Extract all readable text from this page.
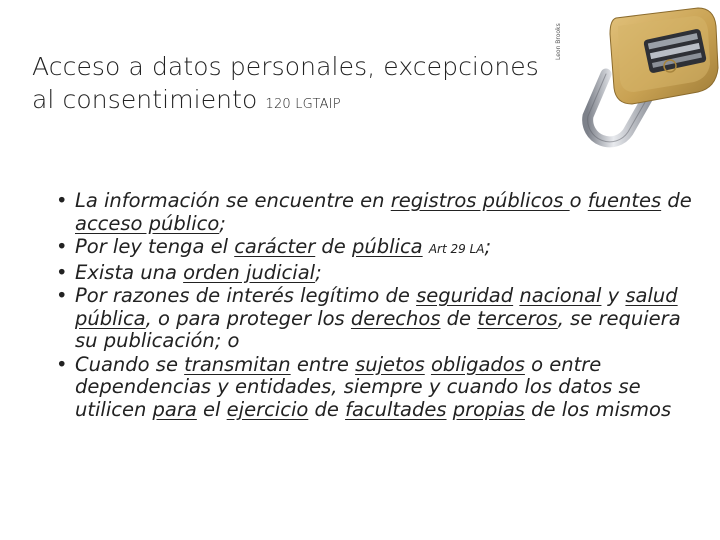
Acceso a datos personales, excepciones al consentimiento 120 LGTAIP
Leon Brooks
• La información se encuentre en registros públicos o fuentes de acceso público;
• Por ley tenga el carácter de pública Art 29 LA;
• Exista una orden judicial;
• Por razones de interés legítimo de seguridad nacional y salud pública, o para proteger los derechos de terceros, se requiera su publicación; o
• Cuando se transmitan entre sujetos obligados o entre dependencias y entidades, siempre y cuando los datos se utilicen para el ejercicio de facultades propias de los mismos
